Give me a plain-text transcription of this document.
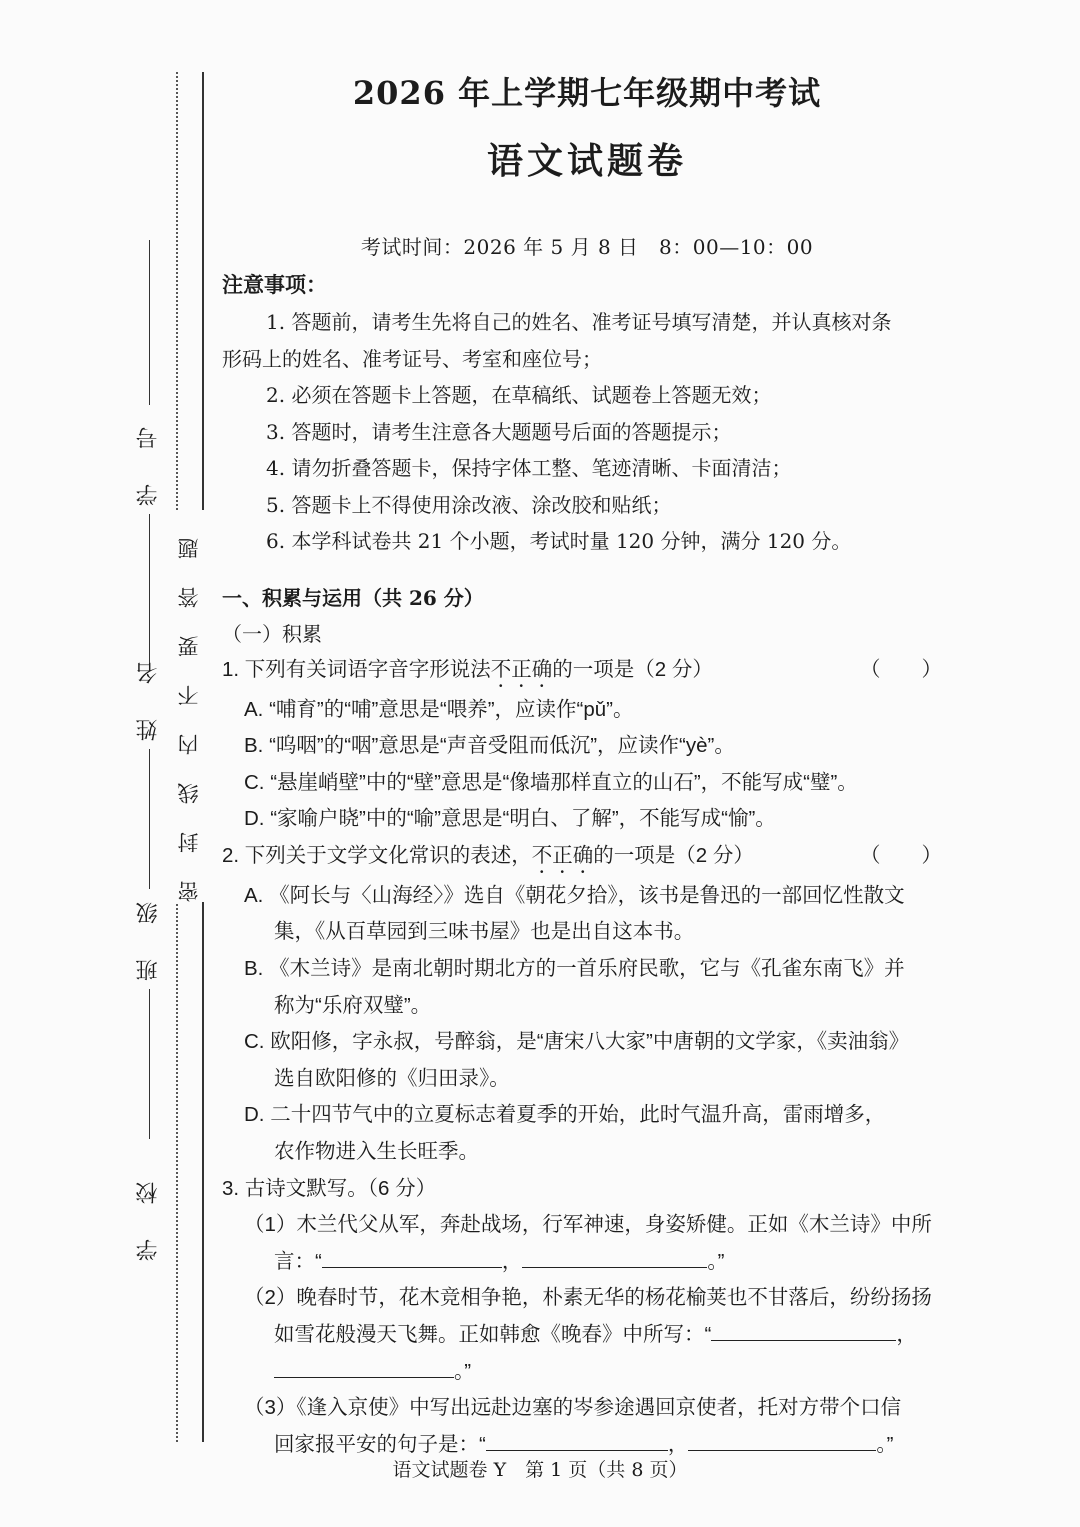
学 号
姓 名
班 级
学 校
密封线内不要答题
2026 年上学期七年级期中考试
语文试题卷
考试时间：2026 年 5 月 8 日　8：00—10：00
注意事项：

1. 答题前，请考生先将自己的姓名、准考证号填写清楚，并认真核对条

形码上的姓名、准考证号、考室和座位号；

2. 必须在答题卡上答题，在草稿纸、试题卷上答题无效；

3. 答题时，请考生注意各大题题号后面的答题提示；

4. 请勿折叠答题卡，保持字体工整、笔迹清晰、卡面清洁；

5. 答题卡上不得使用涂改液、涂改胶和贴纸；

6. 本学科试卷共 21 个小题，考试时量 120 分钟，满分 120 分。

一、积累与运用（共 26 分）
（一）积累
1. 下列有关词语字音字形说法不正确的一项是（2 分）	（　　）
A. “哺育”的“哺”意思是“喂养”，应读作“pǔ”。
B. “呜咽”的“咽”意思是“声音受阻而低沉”，应读作“yè”。
C. “悬崖峭壁”中的“壁”意思是“像墙那样直立的山石”，不能写成“璧”。
D. “家喻户晓”中的“喻”意思是“明白、了解”，不能写成“愉”。
2. 下列关于文学文化常识的表述，不正确的一项是（2 分）	（　　）
A. 《阿长与〈山海经〉》选自《朝花夕拾》，该书是鲁迅的一部回忆性散文
集，《从百草园到三味书屋》也是出自这本书。
B. 《木兰诗》是南北朝时期北方的一首乐府民歌，它与《孔雀东南飞》并
称为“乐府双璧”。
C. 欧阳修，字永叔，号醉翁，是“唐宋八大家”中唐朝的文学家，《卖油翁》
选自欧阳修的《归田录》。
D. 二十四节气中的立夏标志着夏季的开始，此时气温升高，雷雨增多，
农作物进入生长旺季。
3. 古诗文默写。（6 分）
（1）木兰代父从军，奔赴战场，行军神速，身姿矫健。正如《木兰诗》中所
言：“	，	。”
（2）晚春时节，花木竞相争艳，朴素无华的杨花榆荚也不甘落后，纷纷扬扬
如雪花般漫天飞舞。正如韩愈《晚春》中所写：“	，
。”
（3）《逢入京使》中写出远赴边塞的岑参途遇回京使者，托对方带个口信
回家报平安的句子是：“	，	。”
语文试题卷 Y　第 1 页（共 8 页）
